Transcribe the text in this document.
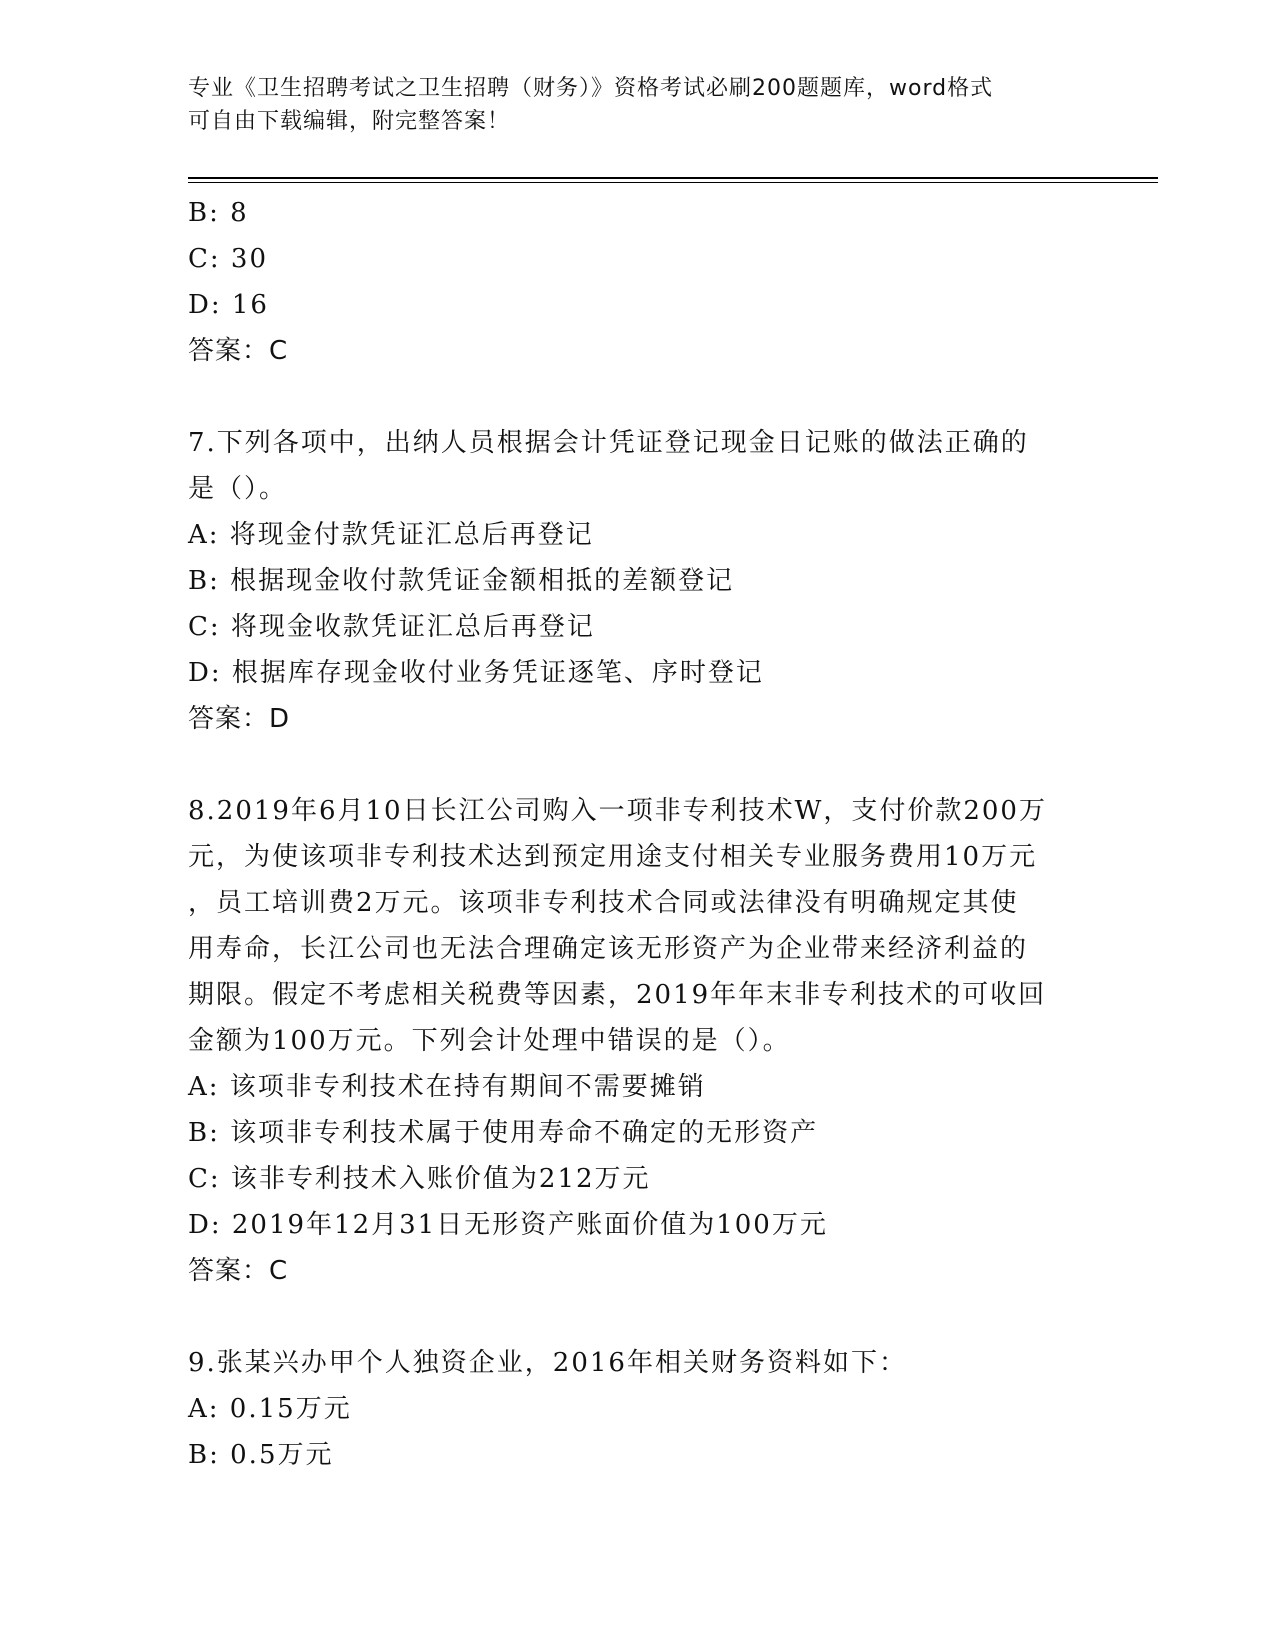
专业《卫生招聘考试之卫生招聘（财务）》资格考试必刷200题题库，word格式
可自由下载编辑，附完整答案！
B: 8
C: 30
D: 16
答案：C
7.下列各项中，出纳人员根据会计凭证登记现金日记账的做法正确的
是（）。
A: 将现金付款凭证汇总后再登记
B: 根据现金收付款凭证金额相抵的差额登记
C: 将现金收款凭证汇总后再登记
D: 根据库存现金收付业务凭证逐笔、序时登记
答案：D
8.2019年6月10日长江公司购入一项非专利技术W，支付价款200万
元，为使该项非专利技术达到预定用途支付相关专业服务费用10万元
，员工培训费2万元。该项非专利技术合同或法律没有明确规定其使
用寿命，长江公司也无法合理确定该无形资产为企业带来经济利益的
期限。假定不考虑相关税费等因素，2019年年末非专利技术的可收回
金额为100万元。下列会计处理中错误的是（）。
A: 该项非专利技术在持有期间不需要摊销
B: 该项非专利技术属于使用寿命不确定的无形资产
C: 该非专利技术入账价值为212万元
D: 2019年12月31日无形资产账面价值为100万元
答案：C
9.张某兴办甲个人独资企业，2016年相关财务资料如下：
A: 0.15万元
B: 0.5万元
